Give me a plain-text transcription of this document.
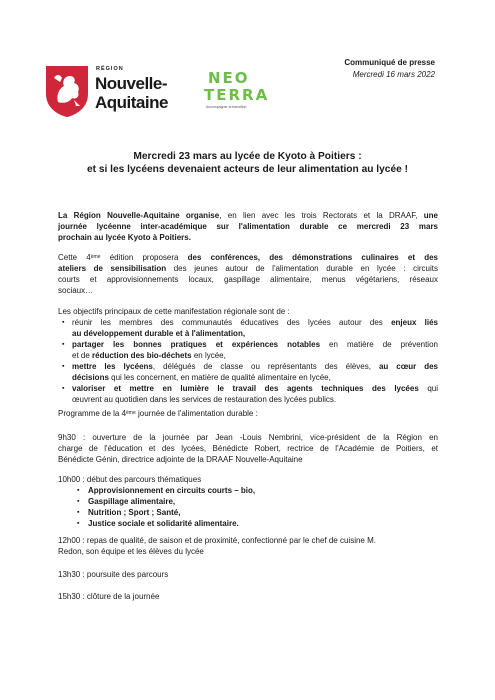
RÉGION
Nouvelle-
Aquitaine
NEO
TERRA
Accompagner la transition
Communiqué de presse
Mercredi 16 mars 2022
Mercredi 23 mars au lycée de Kyoto à Poitiers :
et si les lycéens devenaient acteurs de leur alimentation au lycée !
La Région Nouvelle-Aquitaine organise, en lien avec les trois Rectorats et la DRAAF, une
journée lycéenne inter-académique sur l'alimentation durable ce mercredi 23 mars
prochain au lycée Kyoto à Poitiers.
Cette 4ème édition proposera des conférences, des démonstrations culinaires et des
ateliers de sensibilisation des jeunes autour de l'alimentation durable en lycée : circuits
courts et approvisionnements locaux, gaspillage alimentaire, menus végétariens, réseaux
sociaux…
Les objectifs principaux de cette manifestation régionale sont de :
▪ réunir les membres des communautés éducatives des lycées autour des enjeux liés
au développement durable et à l'alimentation,
▪ partager les bonnes pratiques et expériences notables en matière de prévention
et de réduction des bio-déchets en lycée,
▪ mettre les lycéens, délégués de classe ou représentants des élèves, au cœur des
décisions qui les concernent, en matière de qualité alimentaire en lycée,
▪ valoriser et mettre en lumière le travail des agents techniques des lycées qui
œuvrent au quotidien dans les services de restauration des lycées publics.
Programme de la 4ème journée de l'alimentation durable :
9h30 : ouverture de la journée par Jean -Louis Nembrini, vice-président de la Région en
charge de l'éducation et des lycées, Bénédicte Robert, rectrice de l'Académie de Poitiers, et
Bénédicte Génin, directrice adjointe de la DRAAF Nouvelle-Aquitaine
10h00 : début des parcours thématiques
▪ Approvisionnement en circuits courts – bio,
▪ Gaspillage alimentaire,
▪ Nutrition ; Sport ; Santé,
▪ Justice sociale et solidarité alimentaire.
12h00 : repas de qualité, de saison et de proximité, confectionné par le chef de cuisine M.
Redon, son équipe et les élèves du lycée
13h30 : poursuite des parcours
15h30 : clôture de la journée
